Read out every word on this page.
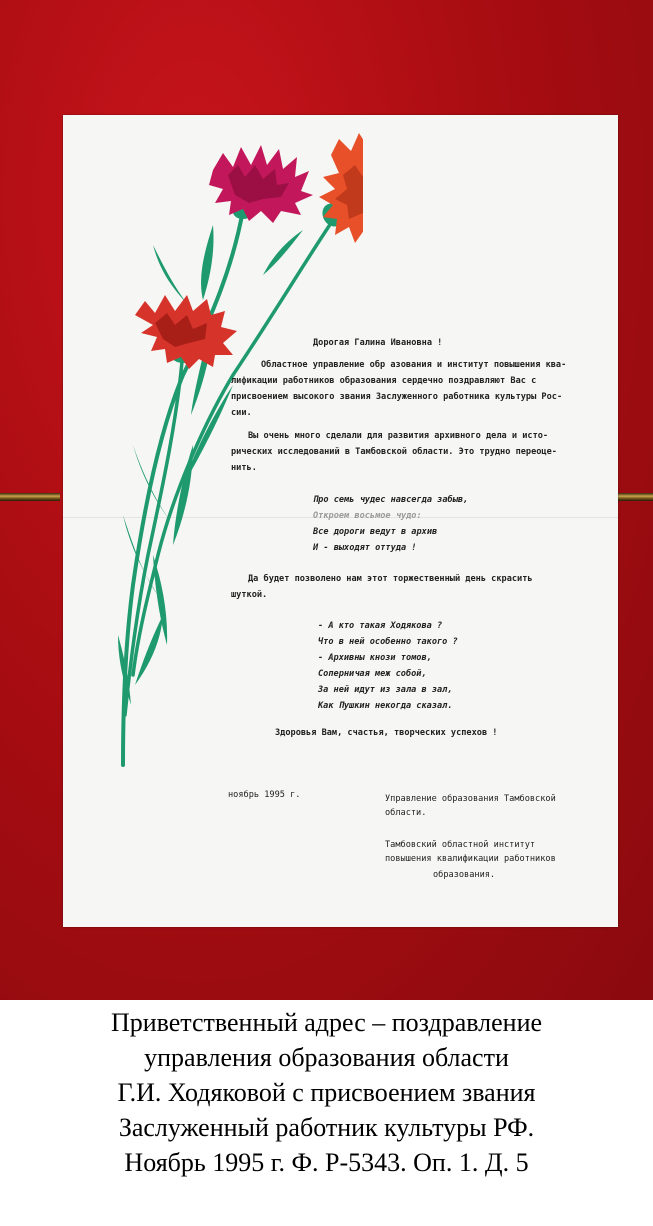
Дорогая Галина Ивановна !
Областное управление обр азования и институт повышения ква-
лификации работников образования сердечно поздравляют Вас с
присвоением высокого звания Заслуженного работника культуры Рос-
сии.
Вы очень много сделали для развития архивного дела и истo-
рических исследований в Тамбовской области. Это трудно переоце-
нить.
Про семь чудес навсегда забыв,
Откроем восьмое чудо:
Все дороги ведут в архив
И - выходят оттуда !
Да будет позволено нам этот торжественный день скрасить
шуткой.
- А кто такая Ходякова ?
Что в ней особенно такого ?
- Архивны кнози томов,
Соперничая меж собой,
За ней идут из зала в зал,
Как Пушкин некогда сказал.
Здоровья Вам, счастья, творческих успехов !
ноябрь 1995 г.	Управление образования Тамбовской
области.
Тамбовский областной институт
повышения квалификации работников
образования.
Приветственный адрес – поздравление
управления образования области
Г.И. Ходяковой с присвоением звания
Заслуженный работник культуры РФ.
Ноябрь 1995 г. Ф. Р-5343. Оп. 1. Д. 5
